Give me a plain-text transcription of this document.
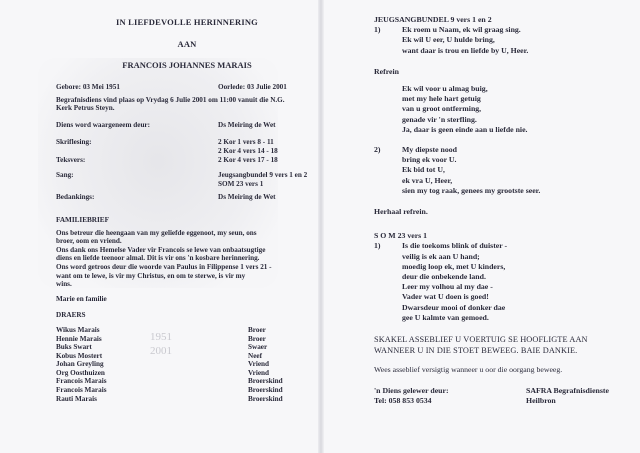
1951
2001
IN LIEFDEVOLLE HERINNERING
AAN
FRANCOIS JOHANNES MARAIS
Gebore: 03 Mei 1951	Oorlede: 03 Julie 2001
Begrafnisdiens vind plaas op Vrydag 6 Julie 2001 om 11:00 vanuit die N.G.
Kerk Petrus Steyn.
Diens word waargeneem deur:	Ds Meiring de Wet
Skriflesing:	2 Kor 1 vers 8 - 11
2 Kor 4 vers 14 - 18
Teksvers:	2 Kor 4 vers 17 - 18
Sang:	Jeugsangbundel 9 vers 1 en 2
SOM 23 vers 1
Bedankings:	Ds Meiring de Wet
FAMILIEBRIEF

Ons betreur die heengaan van my geliefde eggenoot, my seun, ons

broer, oom en vriend.

Ons dank ons Hemelse Vader vir Francois se lewe van onbaatsugtige

diens en liefde teenoor almal. Dit is vir ons 'n kosbare herinnering.

Ons word getroos deur die woorde van Paulus in Filippense 1 vers 21 -

want om te lewe, is vir my Christus, en om te sterwe, is vir my

wins.

Marie en familie
DRAERS
Wikus Marais	Broer
Hennie Marais	Broer
Buks Swart	Swaer
Kobus Mostert	Neef
Johan Greyling	Vriend
Org Oosthuizen	Vriend
Francois Marais	Broerskind
Francois Marais	Broerskind
Rauti Marais	Broerskind
JEUGSANGBUNDEL 9 vers 1 en 2
1)	Ek roem u Naam, ek wil graag sing.

Ek wil U eer, U hulde bring,

want daar is trou en liefde by U, Heer.

Refrein

Ek wil voor u almag buig,

met my hele hart getuig

van u groot ontferming,

genade vir 'n sterfling.

Ja, daar is geen einde aan u liefde nie.

2)	My diepste nood

bring ek voor U.

Ek bid tot U,

ek vra U, Heer,

sien my tog raak, genees my grootste seer.

Herhaal refrein.
S O M 23 vers 1
1)	Is die toekoms blink of duister -

veilig is ek aan U hand;

moedig loop ek, met U kinders,

deur die onbekende land.

Leer my volhou al my dae -

Vader wat U doen is goed!

Dwarsdeur mooi of donker dae

gee U kalmte van gemoed.

SKAKEL ASSEBLIEF U VOERTUIG SE HOOFLIGTE AAN

WANNEER U IN DIE STOET BEWEEG. BAIE DANKIE.

Wees asseblief versigtig wanneer u oor die oorgang beweeg.
'n Diens gelewer deur:	SAFRA Begrafnisdienste
Tel: 058 853 0534	Heilbron
